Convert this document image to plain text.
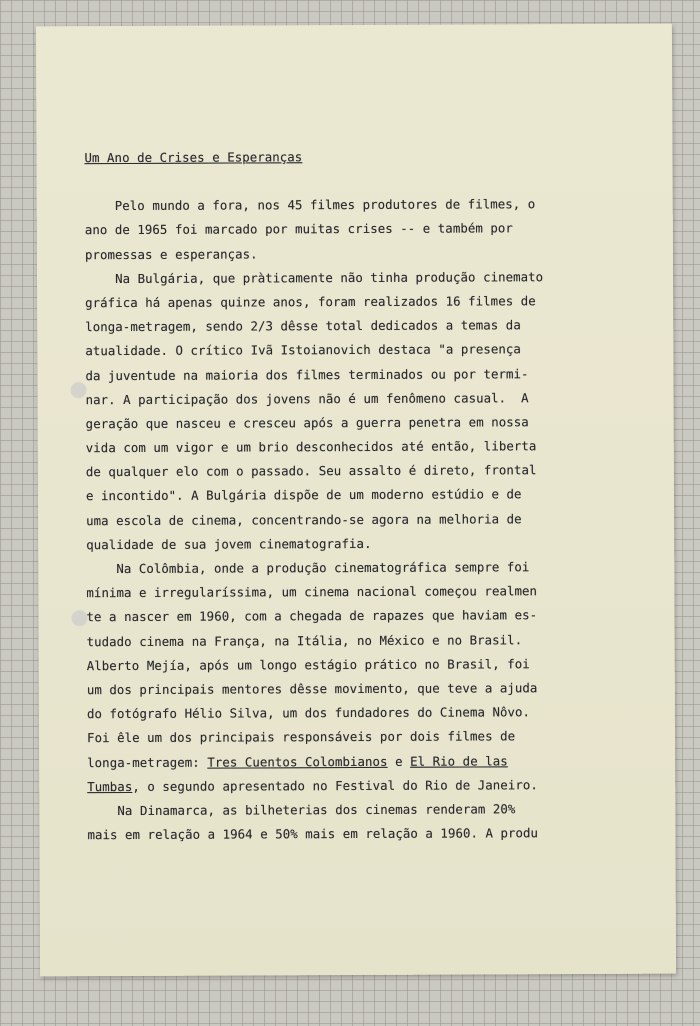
Um Ano de Crises e Esperanças
Pelo mundo a fora, nos 45 filmes produtores de filmes, o
ano de 1965 foi marcado por muitas crises -- e também por
promessas e esperanças.
Na Bulgária, que pràticamente não tinha produção cinemato
gráfica há apenas quinze anos, foram realizados 16 filmes de
longa-metragem, sendo 2/3 dêsse total dedicados a temas da
atualidade. O crítico Ivã Istoianovich destaca "a presença
da juventude na maioria dos filmes terminados ou por termi-
nar. A participação dos jovens não é um fenômeno casual.  A
geração que nasceu e cresceu após a guerra penetra em nossa
vida com um vigor e um brio desconhecidos até então, liberta
de qualquer elo com o passado. Seu assalto é direto, frontal
e incontido". A Bulgária dispõe de um moderno estúdio e de
uma escola de cinema, concentrando-se agora na melhoria de
qualidade de sua jovem cinematografia.
Na Colômbia, onde a produção cinematográfica sempre foi
mínima e irregularíssima, um cinema nacional começou realmen
te a nascer em 1960, com a chegada de rapazes que haviam es-
tudado cinema na França, na Itália, no México e no Brasil.
Alberto Mejía, após um longo estágio prático no Brasil, foi
um dos principais mentores dêsse movimento, que teve a ajuda
do fotógrafo Hélio Silva, um dos fundadores do Cinema Nôvo.
Foi êle um dos principais responsáveis por dois filmes de
longa-metragem: Tres Cuentos Colombianos e El Rio de las
Tumbas, o segundo apresentado no Festival do Rio de Janeiro.
Na Dinamarca, as bilheterias dos cinemas renderam 20%
mais em relação a 1964 e 50% mais em relação a 1960. A produ
